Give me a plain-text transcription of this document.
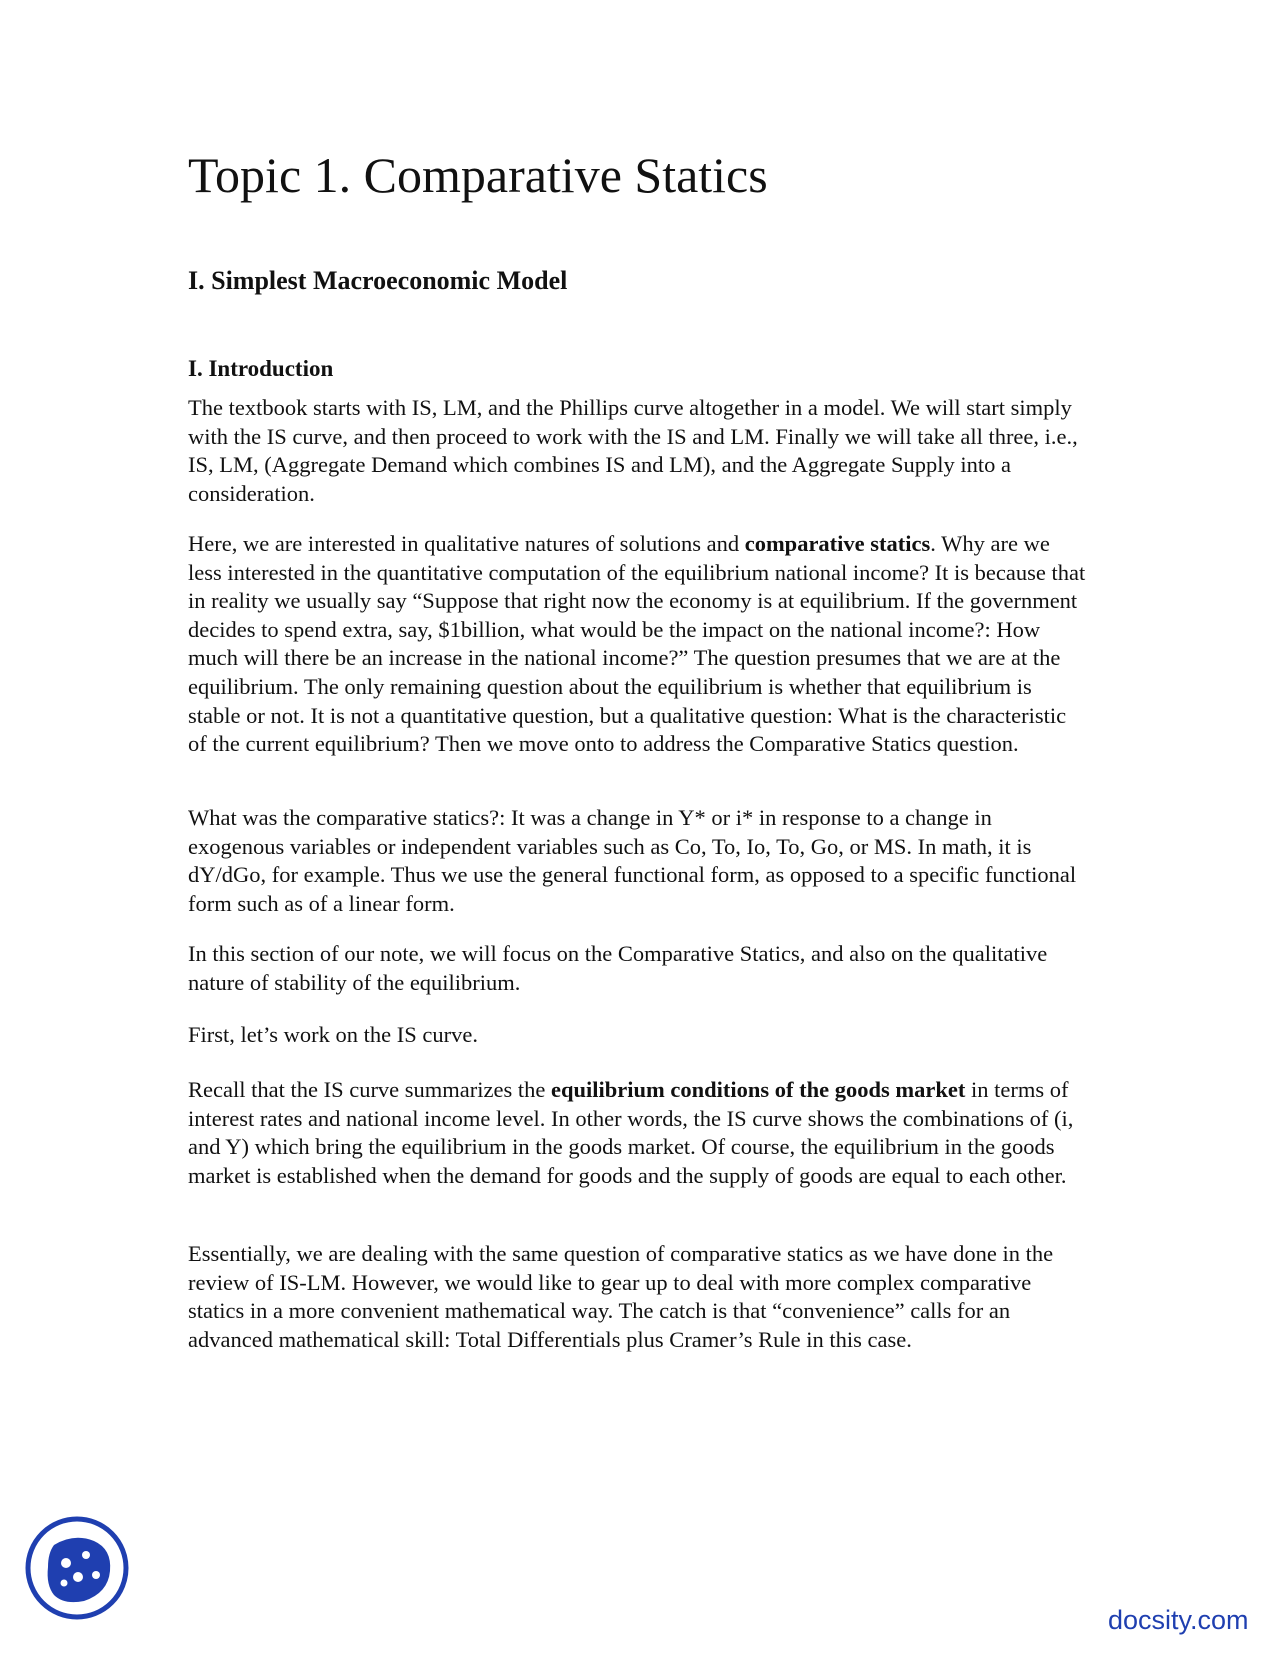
Topic 1. Comparative Statics
I. Simplest Macroeconomic Model
I. Introduction

The textbook starts with IS, LM, and the Phillips curve altogether in a model. We will start simply with the IS curve, and then proceed to work with the IS and LM. Finally we will take all three, i.e., IS, LM, (Aggregate Demand which combines IS and LM), and the Aggregate Supply into a consideration.

Here, we are interested in qualitative natures of solutions and comparative statics. Why are we less interested in the quantitative computation of the equilibrium national income? It is because that in reality we usually say “Suppose that right now the economy is at equilibrium. If the government decides to spend extra, say, $1billion, what would be the impact on the national income?: How much will there be an increase in the national income?” The question presumes that we are at the equilibrium. The only remaining question about the equilibrium is whether that equilibrium is stable or not. It is not a quantitative question, but a qualitative question: What is the characteristic of the current equilibrium? Then we move onto to address the Comparative Statics question.

What was the comparative statics?: It was a change in Y* or i* in response to a change in exogenous variables or independent variables such as Co, To, Io, To, Go, or MS. In math, it is dY/dGo, for example. Thus we use the general functional form, as opposed to a specific functional form such as of a linear form.

In this section of our note, we will focus on the Comparative Statics, and also on the qualitative nature of stability of the equilibrium.

First, let’s work on the IS curve.

Recall that the IS curve summarizes the equilibrium conditions of the goods market in terms of interest rates and national income level. In other words, the IS curve shows the combinations of (i, and Y) which bring the equilibrium in the goods market. Of course, the equilibrium in the goods market is established when the demand for goods and the supply of goods are equal to each other.

Essentially, we are dealing with the same question of comparative statics as we have done in the review of IS-LM. However, we would like to gear up to deal with more complex comparative statics in a more convenient mathematical way. The catch is that “convenience” calls for an advanced mathematical skill: Total Differentials plus Cramer’s Rule in this case.

docsity.com
